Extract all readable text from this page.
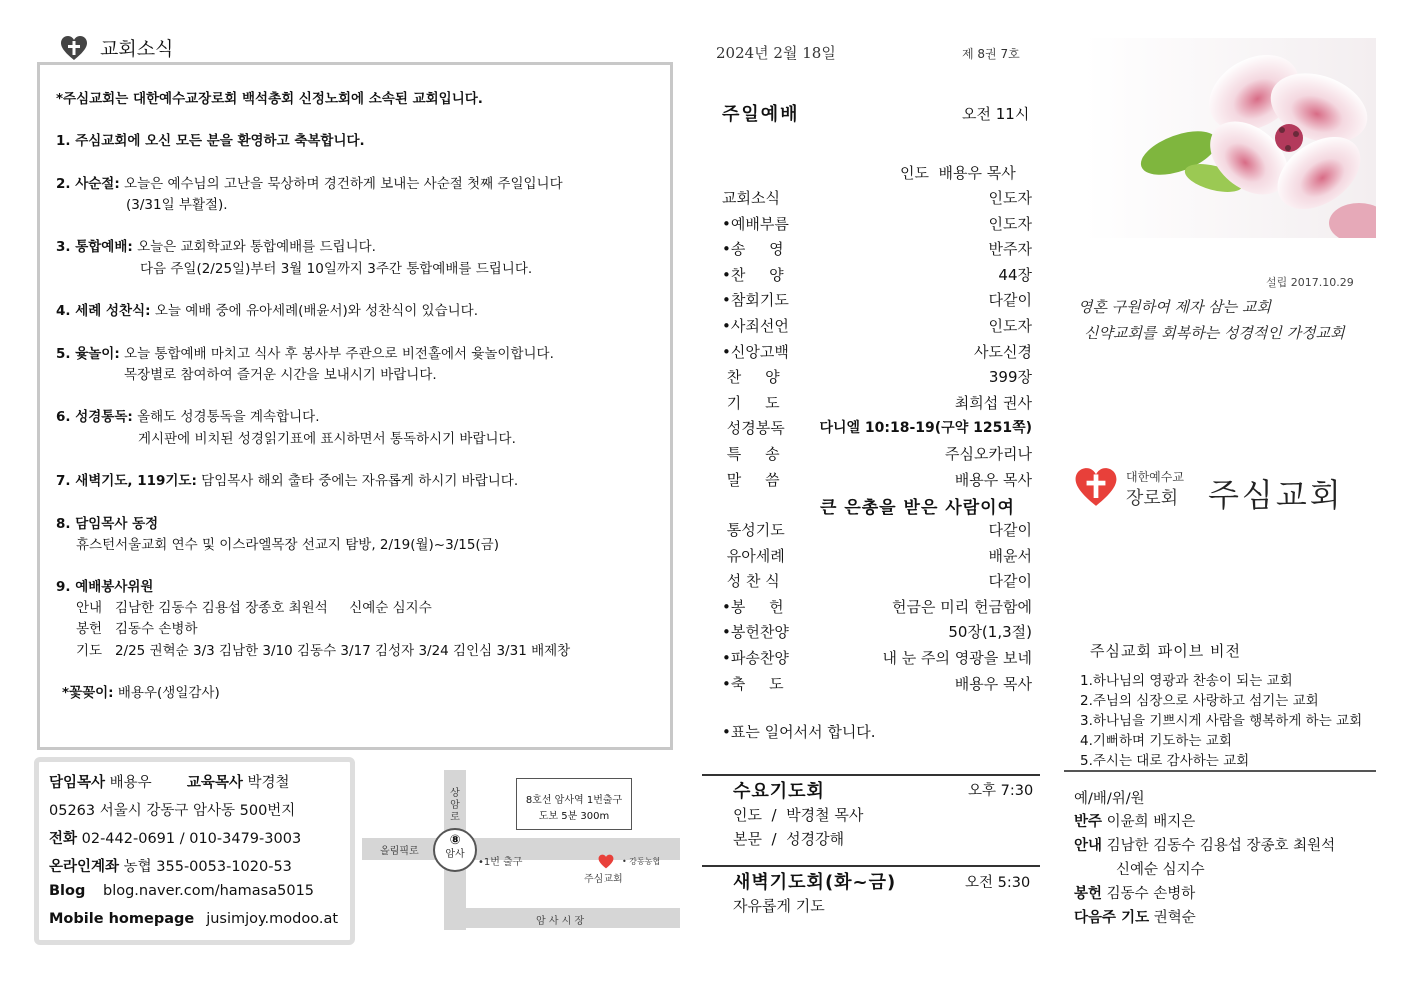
교회소식
*주심교회는 대한예수교장로회 백석총회 신정노회에 소속된 교회입니다.
1. 주심교회에 오신 모든 분을 환영하고 축복합니다.
2. 사순절: 오늘은 예수님의 고난을 묵상하며 경건하게 보내는 사순절 첫째 주일입니다
(3/31일 부활절).
3. 통합예배: 오늘은 교회학교와 통합예배를 드립니다.
다음 주일(2/25일)부터 3월 10일까지 3주간 통합예배를 드립니다.
4. 세례 성찬식: 오늘 예배 중에 유아세례(배윤서)와 성찬식이 있습니다.
5. 윷놀이: 오늘 통합예배 마치고 식사 후 봉사부 주관으로 비전홀에서 윷놀이합니다.
목장별로 참여하여 즐거운 시간을 보내시기 바랍니다.
6. 성경통독: 올해도 성경통독을 계속합니다.
게시판에 비치된 성경읽기표에 표시하면서 통독하시기 바랍니다.
7. 새벽기도, 119기도: 담임목사 해외 출타 중에는 자유롭게 하시기 바랍니다.
8. 담임목사 동정
휴스턴서울교회 연수 및 이스라엘목장 선교지 탐방, 2/19(월)~3/15(금)
9. 예배봉사위원
안내   김남한 김동수 김용섭 장종호 최원석     신예순 심지수
봉헌   김동수 손병하
기도   2/25 권혁순 3/3 김남한 3/10 김동수 3/17 김성자 3/24 김인심 3/31 배제창
*꽃꽂이: 배용우(생일감사)
담임목사 배용우 교육목사 박경철
05263 서울시 강동구 암사동 500번지
전화 02-442-0691 / 010-3479-3003
온라인계좌 농협 355-0053-1020-53
Blog blog.naver.com/hamasa5015
Mobile homepage jusimjoy.modoo.at
상암로
올림픽로
⑧
암사
•1번 출구
암 사 시 장
8호선 암사역 1번출구
도보 5분 300m
• 강동농협
주심교회
2024년 2월 18일	제 8권 7호
주일예배	오전 11시
인도  배용우 목사
교회소식	인도자
•예배부름	인도자
•송     영	반주자
•찬     양	44장
•참회기도	다같이
•사죄선언	인도자
•신앙고백	사도신경
찬     양	399장
기     도	최희섭 권사
성경봉독 다니엘 10:18-19(구약 1251쪽)
특     송	주심오카리나
말     씀	배용우 목사
큰 은총을 받은 사람이여
통성기도	다같이
유아세례	배윤서
성 찬 식	다같이
•봉     헌	헌금은 미리 헌금함에
•봉헌찬양	50장(1,3절)
•파송찬양	내 눈 주의 영광을 보네
•축     도	배용우 목사
•표는 일어서서 합니다.
수요기도회	오후 7:30
인도  /  박경철 목사
본문  /  성경강해
새벽기도회(화~금)	오전 5:30
자유롭게 기도
설립 2017.10.29
영혼 구원하여 제자 삼는 교회
신약교회를 회복하는 성경적인 가정교회
대한예수교
장로회 주심교회
주심교회 파이브 비전
1.하나님의 영광과 찬송이 되는 교회
2.주님의 심장으로 사랑하고 섬기는 교회
3.하나님을 기쁘시게 사람을 행복하게 하는 교회
4.기뻐하며 기도하는 교회
5.주시는 대로 감사하는 교회
예/배/위/원
반주 이윤희 배지은
안내 김남한 김동수 김용섭 장종호 최원석
신예순 심지수
봉헌 김동수 손병하
다음주 기도 권혁순
